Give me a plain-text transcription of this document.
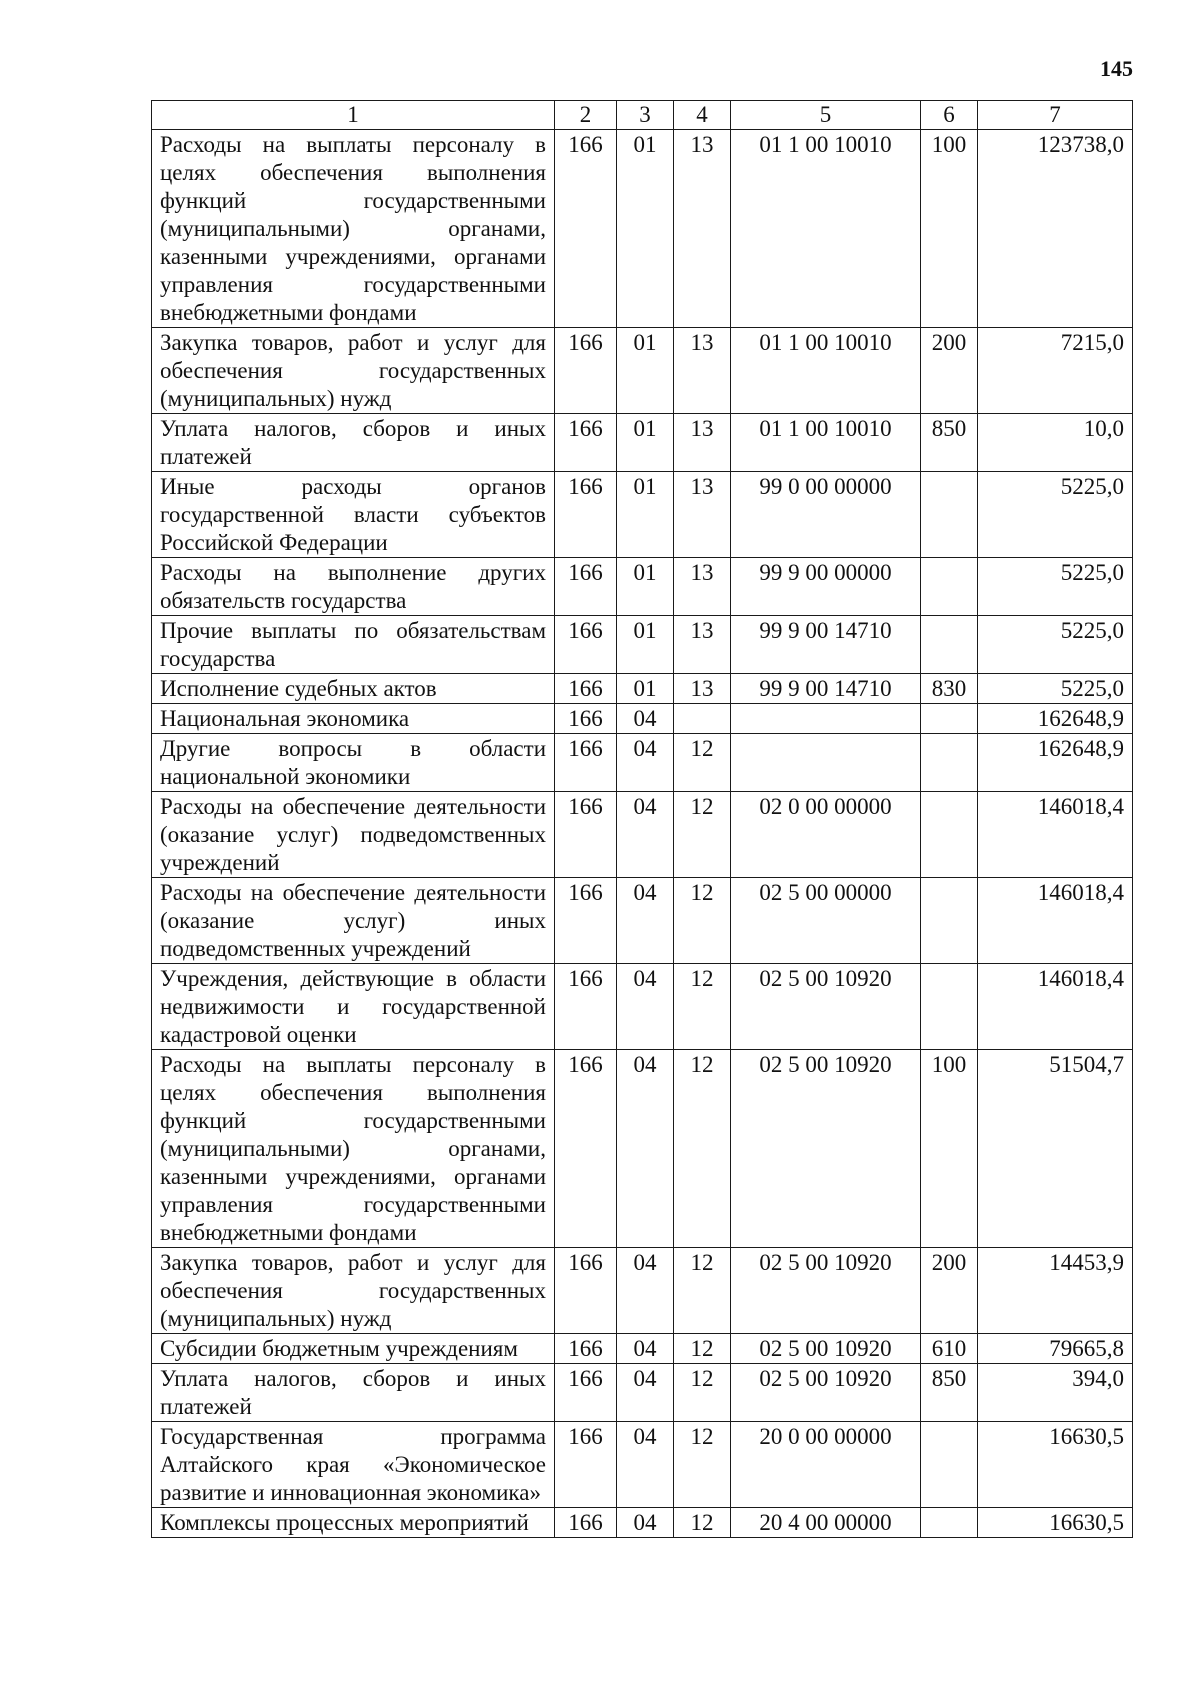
145
1	2	3	4	5	6	7
Расходы на выплаты персоналу в целях обеспечения выполнения функций государственными (муниципальными) органами, казенными учреждениями, органами управления государственными внебюджетными фондами	166	01	13	01 1 00 10010	100	123738,0
Закупка товаров, работ и услуг для обеспечения государственных (муниципальных) нужд	166	01	13	01 1 00 10010	200	7215,0
Уплата налогов, сборов и иных платежей	166	01	13	01 1 00 10010	850	10,0
Иные расходы органов государственной власти субъектов Российской Федерации	166	01	13	99 0 00 00000		5225,0
Расходы на выполнение других обязательств государства	166	01	13	99 9 00 00000		5225,0
Прочие выплаты по обязательствам государства	166	01	13	99 9 00 14710		5225,0
Исполнение судебных актов	166	01	13	99 9 00 14710	830	5225,0
Национальная экономика	166	04				162648,9
Другие вопросы в области национальной экономики	166	04	12			162648,9
Расходы на обеспечение деятельности (оказание услуг) подведомственных учреждений	166	04	12	02 0 00 00000		146018,4
Расходы на обеспечение деятельности (оказание услуг) иных подведомственных учреждений	166	04	12	02 5 00 00000		146018,4
Учреждения, действующие в области недвижимости и государственной кадастровой оценки	166	04	12	02 5 00 10920		146018,4
Расходы на выплаты персоналу в целях обеспечения выполнения функций государственными (муниципальными) органами, казенными учреждениями, органами управления государственными внебюджетными фондами	166	04	12	02 5 00 10920	100	51504,7
Закупка товаров, работ и услуг для обеспечения государственных (муниципальных) нужд	166	04	12	02 5 00 10920	200	14453,9
Субсидии бюджетным учреждениям	166	04	12	02 5 00 10920	610	79665,8
Уплата налогов, сборов и иных платежей	166	04	12	02 5 00 10920	850	394,0
Государственная программа Алтайского края «Экономическое развитие и инновационная экономика»	166	04	12	20 0 00 00000		16630,5
Комплексы процессных мероприятий	166	04	12	20 4 00 00000		16630,5
